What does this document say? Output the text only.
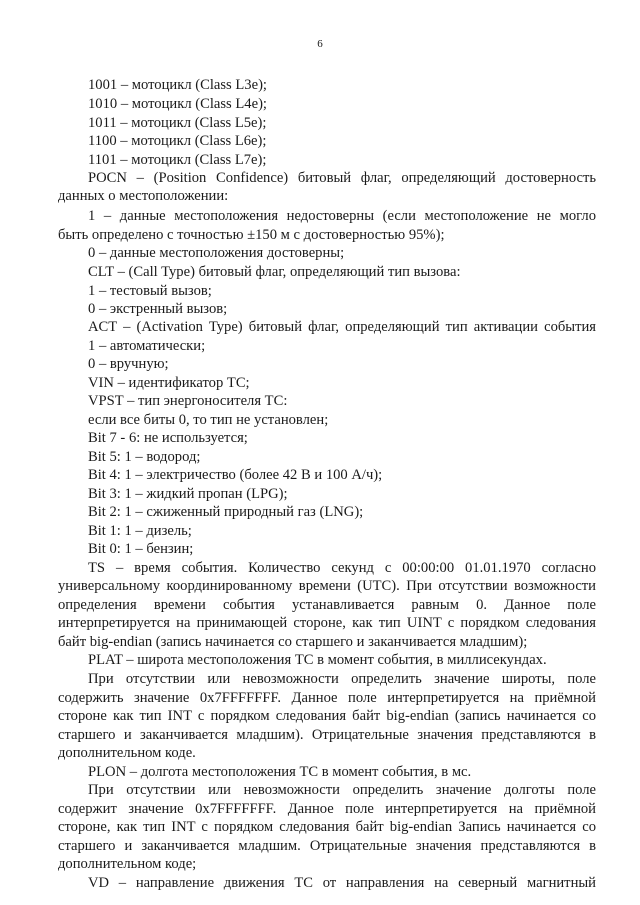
6
1001 – мотоцикл (Class L3e);
1010 – мотоцикл (Class L4e);
1011 – мотоцикл (Class L5e);
1100 – мотоцикл (Class L6e);
1101 – мотоцикл (Class L7e);
POCN – (Position Confidence) битовый флаг, определяющий достоверность
данных о местоположении:
1 – данные местоположения недостоверны (если местоположение не могло
быть определено с точностью ±150 м с достоверностью 95%);
0 – данные местоположения достоверны;
CLT – (Call Type) битовый флаг, определяющий тип вызова:
1 – тестовый вызов;
0 – экстренный вызов;
ACT – (Activation Type) битовый флаг, определяющий тип активации события
1 – автоматически;
0 – вручную;
VIN – идентификатор ТС;
VPST – тип энергоносителя ТС:
если все биты 0, то тип не установлен;
Bit 7 - 6: не используется;
Bit 5: 1 – водород;
Bit 4: 1 – электричество (более 42 В и 100 А/ч);
Bit 3: 1 – жидкий пропан (LPG);
Bit 2: 1 – сжиженный природный газ (LNG);
Bit 1: 1 – дизель;
Bit 0: 1 – бензин;
TS – время события. Количество секунд с 00:00:00 01.01.1970 согласно
универсальному координированному времени (UTC). При отсутствии возможности
определения времени события устанавливается равным 0. Данное поле
интерпретируется на принимающей стороне, как тип UINT с порядком следования
байт big-endian (запись начинается со старшего и заканчивается младшим);
PLAT – широта местоположения ТС в момент события, в миллисекундах.
При отсутствии или невозможности определить значение широты, поле
содержить значение 0x7FFFFFFF. Данное поле интерпретируется на приёмной
стороне как тип INT с порядком следования байт big-endian (запись начинается со
старшего и заканчивается младшим). Отрицательные значения представляются в
дополнительном коде.
PLON – долгота местоположения ТС в момент события, в мс.
При отсутствии или невозможности определить значение долготы поле
содержит значение 0x7FFFFFFF. Данное поле интерпретируется на приёмной
стороне, как тип INT с порядком следования байт big-endian Запись начинается со
старшего и заканчивается младшим. Отрицательные значения представляются в
дополнительном коде;
VD – направление движения ТС от направления на северный магнитный
